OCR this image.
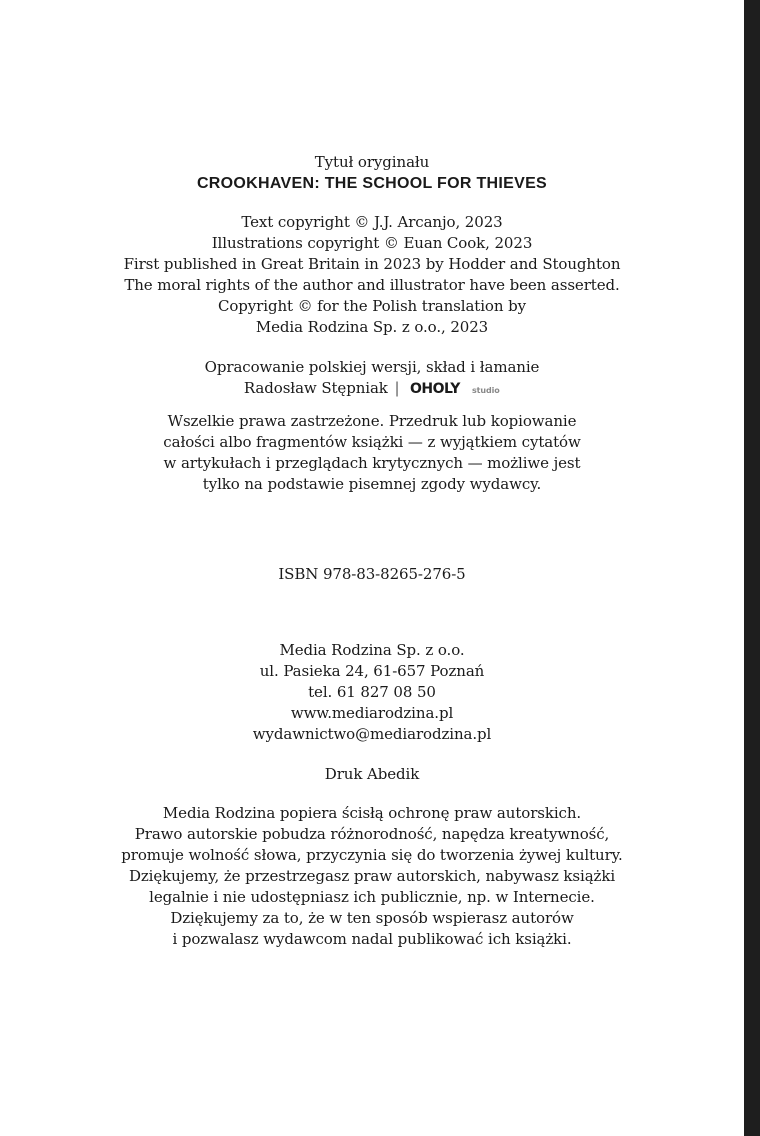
Tytuł oryginału
CROOKHAVEN: THE SCHOOL FOR THIEVES
Text copyright © J.J. Arcanjo, 2023
Illustrations copyright © Euan Cook, 2023
First published in Great Britain in 2023 by Hodder and Stoughton
The moral rights of the author and illustrator have been asserted.
Copyright © for the Polish translation by
Media Rodzina Sp. z o.o., 2023
Opracowanie polskiej wersji, skład i łamanie
Radosław Stępniak | OHOLY studio
Wszelkie prawa zastrzeżone. Przedruk lub kopiowanie
całości albo fragmentów książki — z wyjątkiem cytatów
w artykułach i przeglądach krytycznych — możliwe jest
tylko na podstawie pisemnej zgody wydawcy.
ISBN 978-83-8265-276-5
Media Rodzina Sp. z o.o.
ul. Pasieka 24, 61-657 Poznań
tel. 61 827 08 50
www.mediarodzina.pl
wydawnictwo@mediarodzina.pl
Druk Abedik
Media Rodzina popiera ścisłą ochronę praw autorskich.
Prawo autorskie pobudza różnorodność, napędza kreatywność,
promuje wolność słowa, przyczynia się do tworzenia żywej kultury.
Dziękujemy, że przestrzegasz praw autorskich, nabywasz książki
legalnie i nie udostępniasz ich publicznie, np. w Internecie.
Dziękujemy za to, że w ten sposób wspierasz autorów
i pozwalasz wydawcom nadal publikować ich książki.
